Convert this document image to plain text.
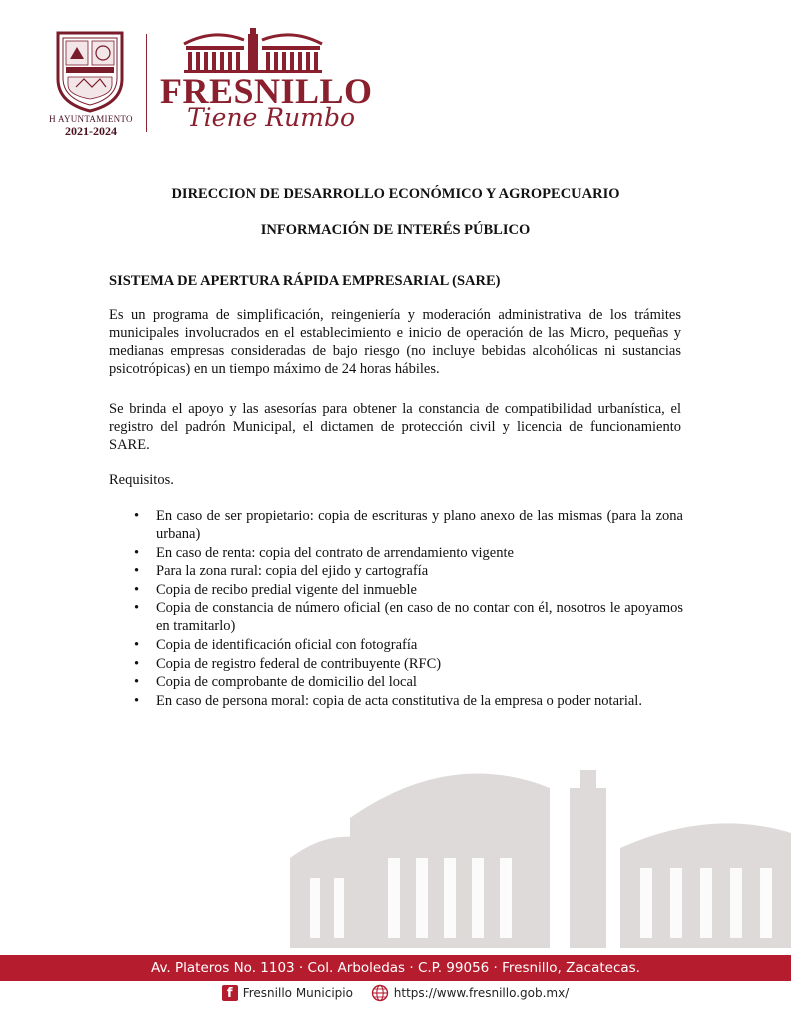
H AYUNTAMIENTO
2021-2024
FRESNILLO
Tiene Rumbo
DIRECCION DE DESARROLLO ECONÓMICO Y AGROPECUARIO
INFORMACIÓN DE INTERÉS PÚBLICO
SISTEMA DE APERTURA RÁPIDA EMPRESARIAL (SARE)
Es un programa de simplificación, reingeniería y moderación administrativa de los trámites municipales involucrados en el establecimiento e inicio de operación de las Micro, pequeñas y medianas empresas consideradas de bajo riesgo (no incluye bebidas alcohólicas ni sustancias psicotrópicas) en un tiempo máximo de 24 horas hábiles.
Se brinda el apoyo y las asesorías para obtener la constancia de compatibilidad urbanística, el registro del padrón Municipal, el dictamen de protección civil y licencia de funcionamiento SARE.
Requisitos.
• En caso de ser propietario: copia de escrituras y plano anexo de las mismas (para la zona urbana)
• En caso de renta: copia del contrato de arrendamiento vigente
• Para la zona rural: copia del ejido y cartografía
• Copia de recibo predial vigente del inmueble
• Copia de constancia de número oficial (en caso de no contar con él, nosotros le apoyamos en tramitarlo)
• Copia de identificación oficial con fotografía
• Copia de registro federal de contribuyente (RFC)
• Copia de comprobante de domicilio del local
• En caso de persona moral: copia de acta constitutiva de la empresa o poder notarial.
Av. Plateros No. 1103 · Col. Arboledas · C.P. 99056 · Fresnillo, Zacatecas.
f Fresnillo Municipio	https://www.fresnillo.gob.mx/
